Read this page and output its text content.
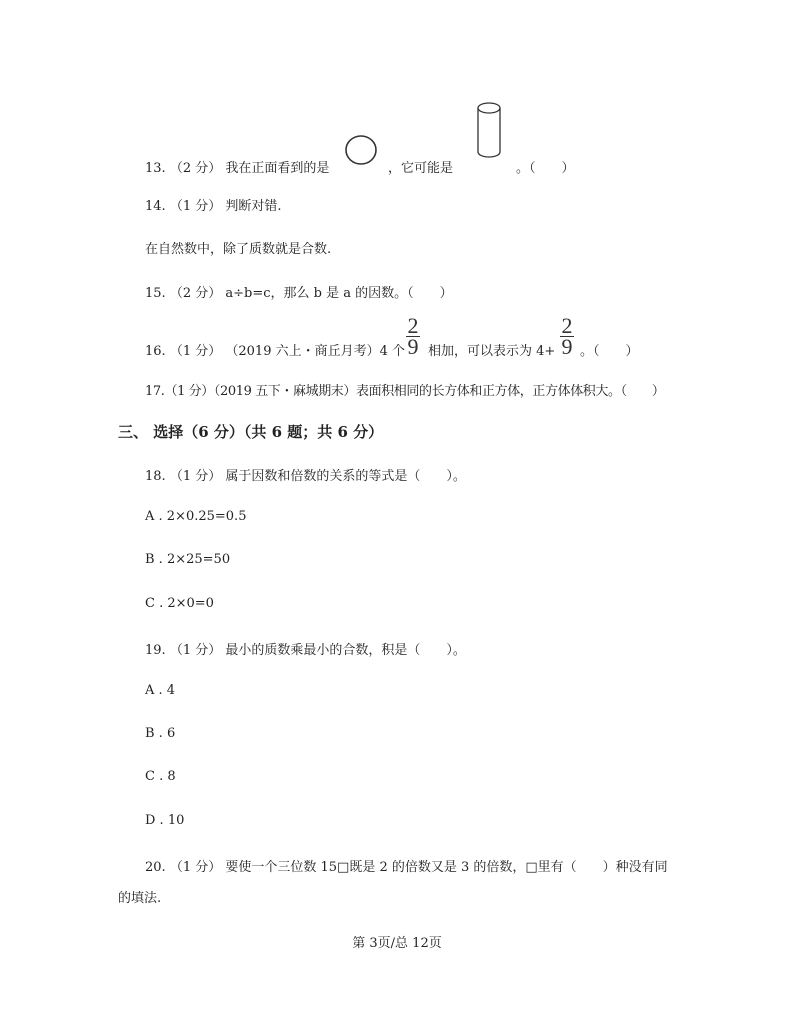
13. （2 分） 我在正面看到的是	，它可能是	。（　　）
14. （1 分） 判断对错.
在自然数中，除了质数就是合数.
15. （2 分） a÷b=c，那么 b 是 a 的因数。（　　）
16. （1 分） （2019 六上・商丘月考）4 个 $\frac{2}{9}$ 相加，可以表示为 $4+ \frac{2}{9}$ 。（　　）
17.（1 分）（2019 五下・麻城期末）表面积相同的长方体和正方体，正方体体积大。（　　）
三、 选择（6 分）（共 6 题；共 6 分）
18. （1 分） 属于因数和倍数的关系的等式是（　　）。
A . 2×0.25=0.5
B . 2×25=50
C . 2×0=0
19. （1 分） 最小的质数乘最小的合数，积是（　　）。
A . 4
B . 6
C . 8
D . 10
20. （1 分） 要使一个三位数 15□既是 2 的倍数又是 3 的倍数，□里有（　　）种没有同
的填法.
第 3页/总 12页
